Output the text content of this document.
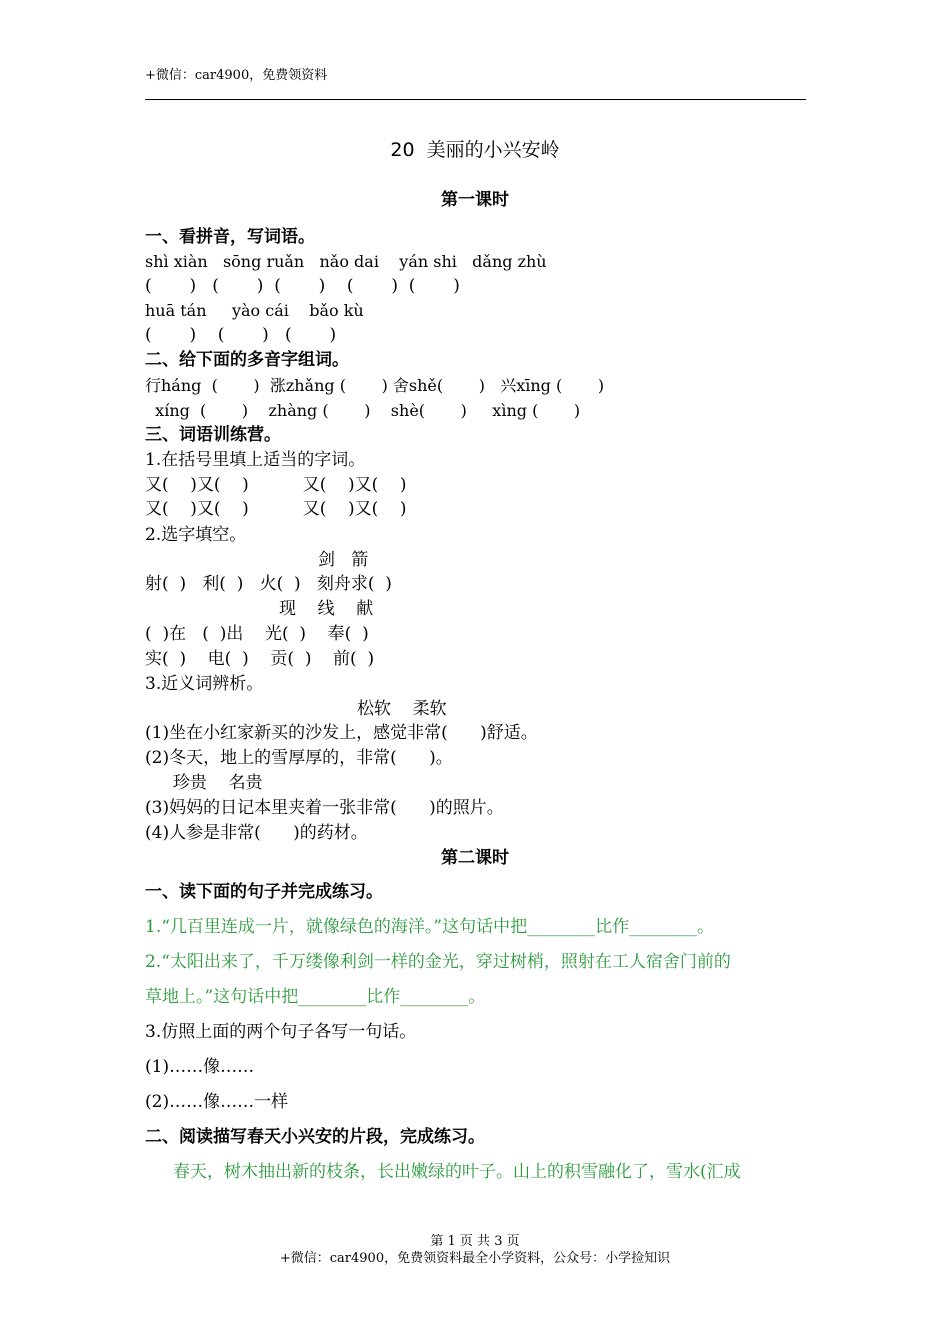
+微信：car4900，免费领资料
20  美丽的小兴安岭
第一课时
一、看拼音，写词语。
shì xiàn   sōng ruǎn   nǎo dai    yán shi   dǎng zhù
(       )   (       )  (       )    (       )  (       )
huā tán     yào cái    bǎo kù
(       )    (       )   (       )
二、给下面的多音字组词。
行háng  (       )  涨zhǎng (       ) 舍shě(       )   兴xīng (       )
xíng  (       )    zhàng (       )    shè(       )     xìng (       )
三、词语训练营。
1.在括号里填上适当的字词。
又(    )又(    )          又(    )又(    )
又(    )又(    )          又(    )又(    )
2.选字填空。
剑   箭
射(  )   利(  )   火(  )   刻舟求(  )
现    线    献
(  )在   (  )出    光(  )    奉(  )
实(  )    电(  )    贡(  )    前(  )
3.近义词辨析。
松软    柔软
(1)坐在小红家新买的沙发上，感觉非常(      )舒适。
(2)冬天，地上的雪厚厚的，非常(      )。
珍贵    名贵
(3)妈妈的日记本里夹着一张非常(      )的照片。
(4)人参是非常(      )的药材。
第二课时
一、读下面的句子并完成练习。
1.“几百里连成一片，就像绿色的海洋。”这句话中把________比作________。
2.“太阳出来了，千万缕像利剑一样的金光，穿过树梢，照射在工人宿舍门前的
草地上。”这句话中把________比作________。
3.仿照上面的两个句子各写一句话。
(1)……像……
(2)……像……一样
二、阅读描写春天小兴安的片段，完成练习。
春天，树木抽出新的枝条，长出嫩绿的叶子。山上的积雪融化了，雪水(汇成
第 1 页 共 3 页
+微信：car4900，免费领资料最全小学资料，公众号：小学捡知识
